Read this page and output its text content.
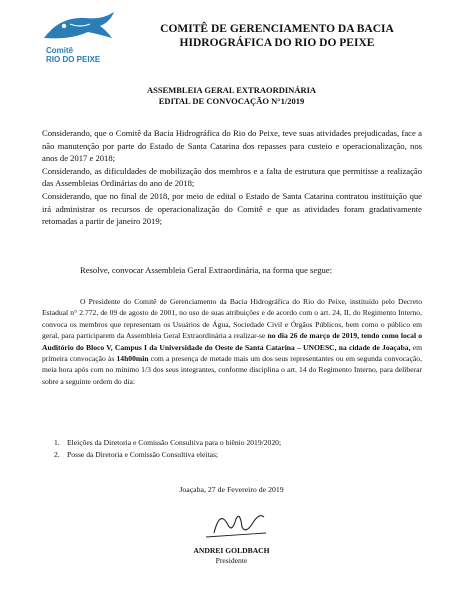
Comitê
RIO DO PEIXE
COMITÊ DE GERENCIAMENTO DA BACIA
HIDROGRÁFICA DO RIO DO PEIXE
ASSEMBLEIA GERAL EXTRAORDINÁRIA
EDITAL DE CONVOCAÇÃO N°1/2019

Considerando, que o Comitê da Bacia Hidrográfica do Rio do Peixe, teve suas atividades prejudicadas, face a não manutenção por parte do Estado de Santa Catarina dos repasses para custeio e operacionalização, nos anos de 2017 e 2018;

Considerando, as dificuldades de mobilização dos membros e a falta de estrutura que permitisse a realização das Assembleias Ordinárias do ano de 2018;

Considerando, que no final de 2018, por meio de edital o Estado de Santa Catarina contratou instituição que irá administrar os recursos de operacionalização do Comitê e que as atividades foram gradativamente retomadas a partir de janeiro 2019;

Resolve, convocar Assembleia Geral Extraordinária, na forma que segue:
O Presidente do Comitê de Gerenciamento da Bacia Hidrográfica do Rio do Peixe, instituído pelo Decreto Estadual n° 2.772, de 09 de agosto de 2001, no uso de suas atribuições e de acordo com o art. 24, II, do Regimento Interno, convoca os membros que representam os Usuários de Água, Sociedade Civil e Órgãos Públicos, bem como o público em geral, para participarem da Assembleia Geral Extraordinária a realizar-se no dia 26 de março de 2019, tendo como local o Auditório do Bloco V, Campus I da Universidade do Oeste de Santa Catarina – UNOESC, na cidade de Joaçaba, em primeira convocação às 14h00min com a presença de metade mais um dos seus representantes ou em segunda convocação, meia hora após com no mínimo 1/3 dos seus integrantes, conforme disciplina o art. 14 do Regimento Interno, para deliberar sobre a seguinte ordem do dia:
1. Eleições da Diretoria e Comissão Consultiva para o biênio 2019/2020;
2. Posse da Diretoria e Comissão Consultiva eleitas;
Joaçaba, 27 de Fevereiro de 2019
ANDREI GOLDBACH
Presidente
